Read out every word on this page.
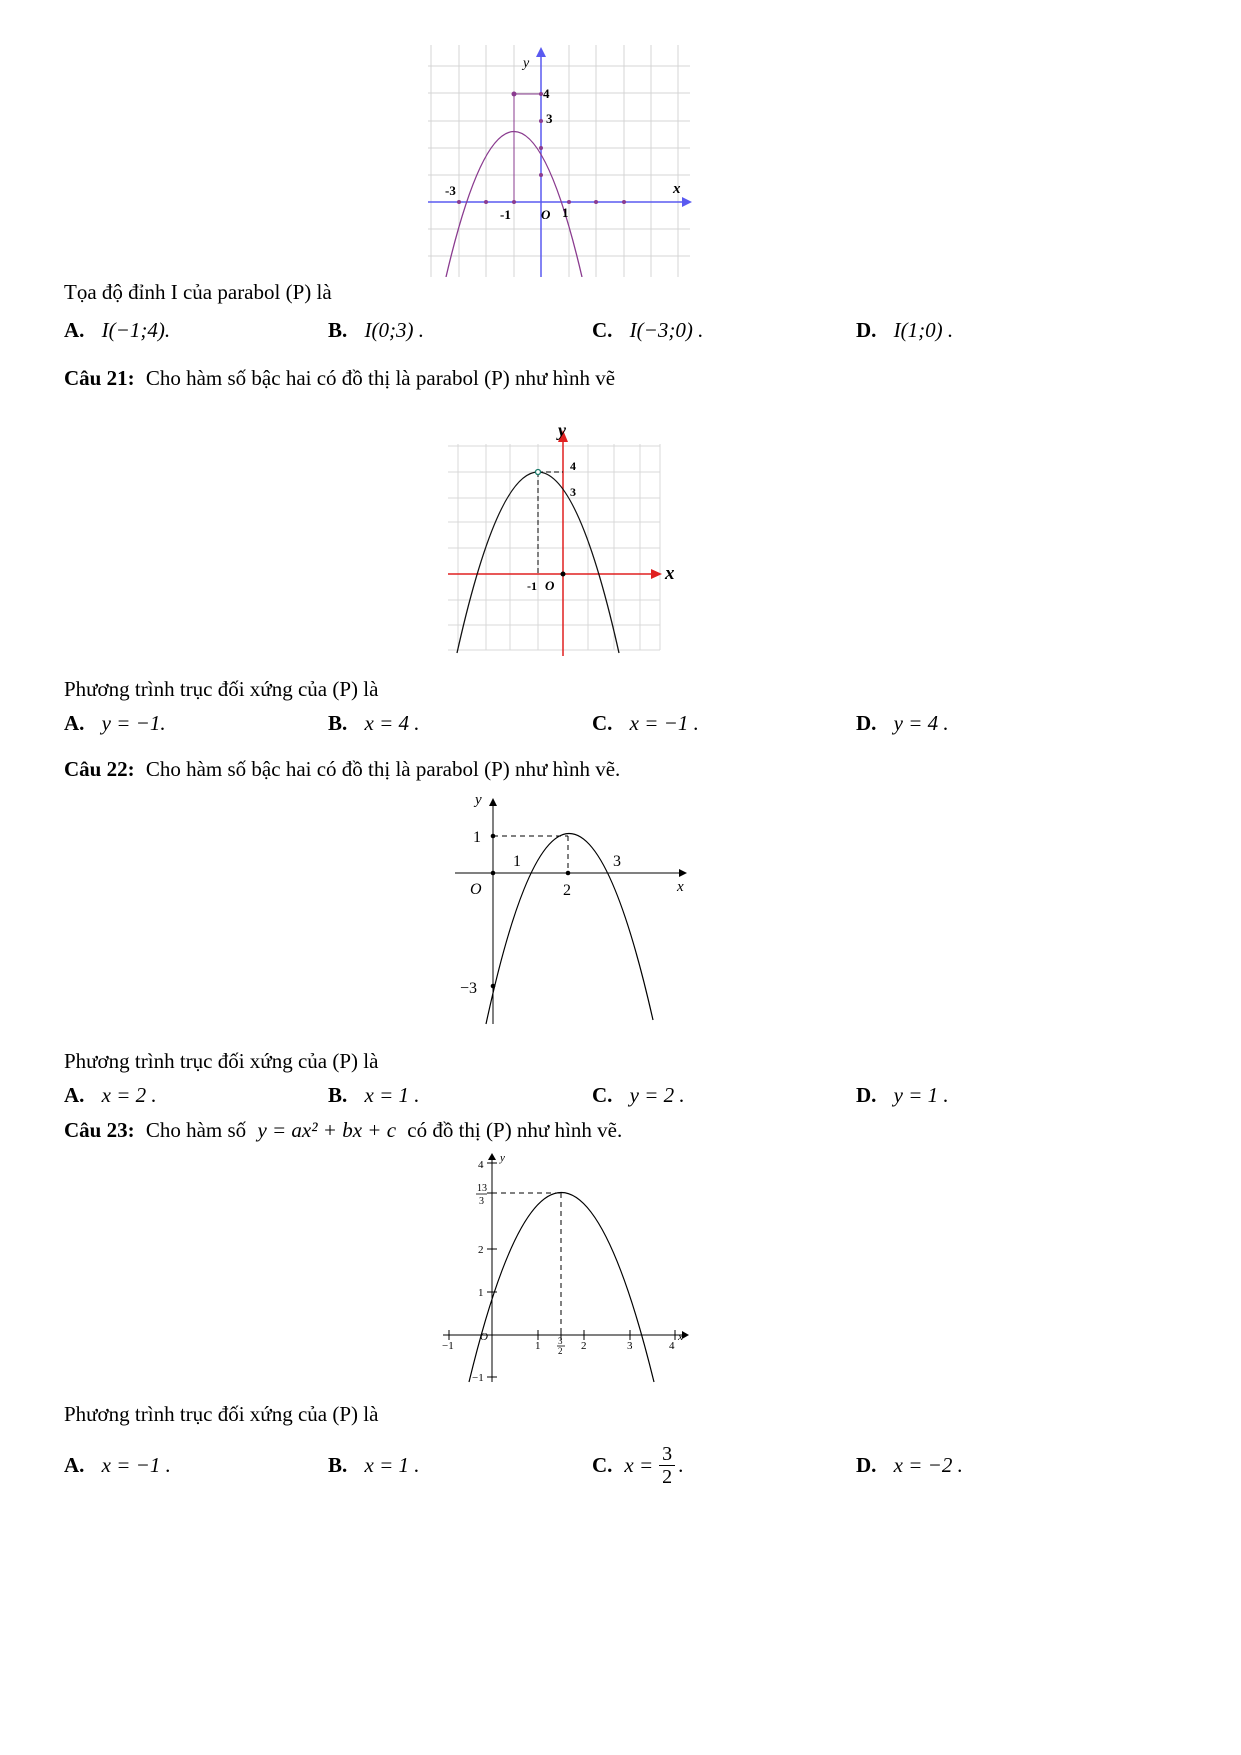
y
x
4
3
-3
-1 O 1
Tọa độ đỉnh I của parabol (P) là
A. I(−1;4).	B. I(0;3) .	C. I(−3;0) .	D. I(1;0) .
Câu 21: Cho hàm số bậc hai có đồ thị là parabol (P) như hình vẽ
y
x
4
3
-1 O
Phương trình trục đối xứng của (P) là
A. y = −1.	B. x = 4 .	C. x = −1 .	D. y = 4 .
Câu 22: Cho hàm số bậc hai có đồ thị là parabol (P) như hình vẽ.
y
x
1
1	3
2
O
−3
Phương trình trục đối xứng của (P) là
A. x = 2 .	B. x = 1 .	C. y = 2 .	D. y = 1 .
Câu 23: Cho hàm số y = ax² + bx + c có đồ thị (P) như hình vẽ.
4
y
13
3
2
1
−1
−1
O
1 3
2 2	3	4
x
Phương trình trục đối xứng của (P) là
A. x = −1 .	B. x = 1 .	C. x = 3
2 .	D. x = −2 .
